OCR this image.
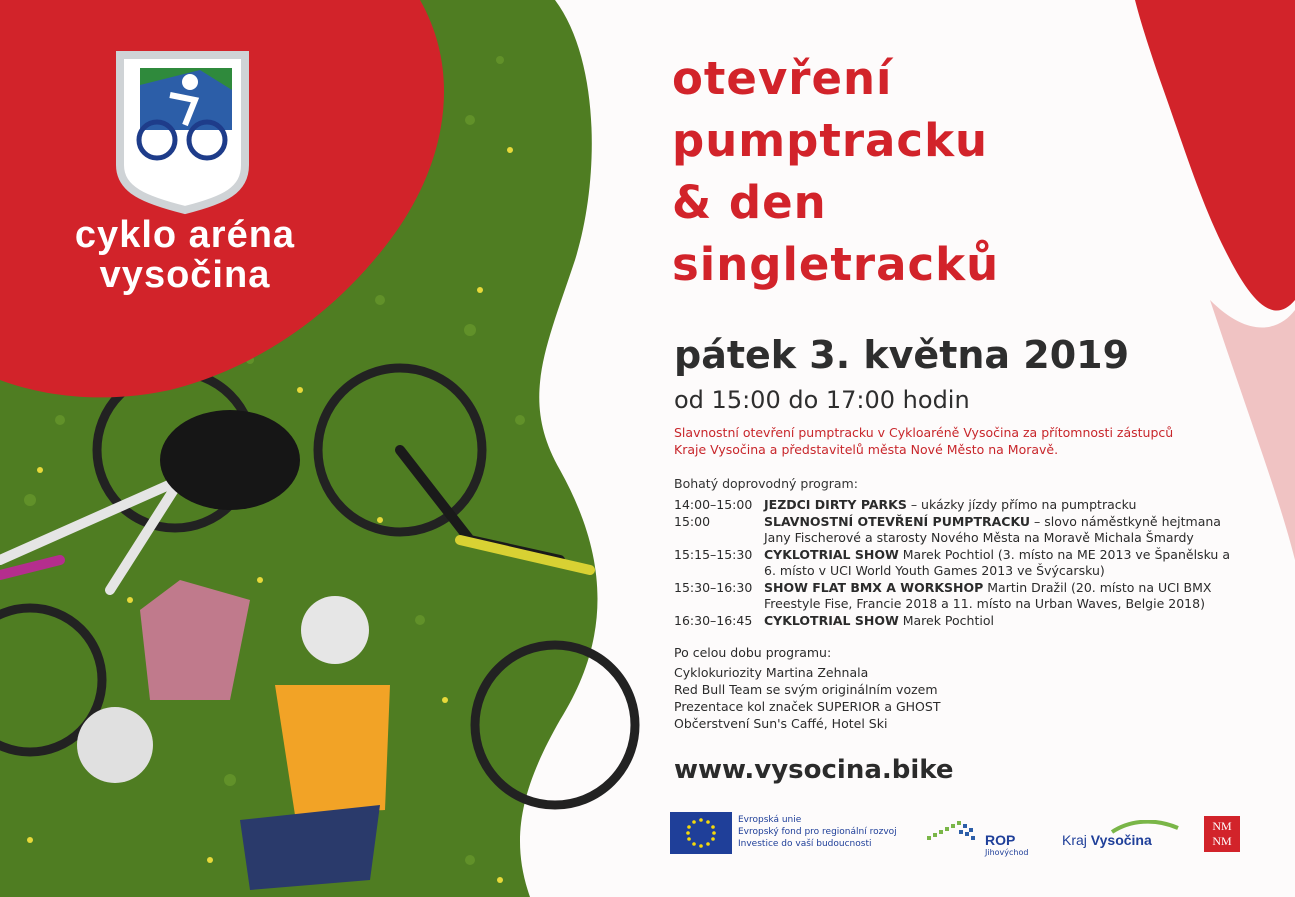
cyklo aréna
vysočina
otevření
pumptracku
& den
singletracků
pátek 3. května 2019
od 15:00 do 17:00 hodin
Slavnostní otevření pumptracku v Cykloaréně Vysočina za přítomnosti zástupců Kraje Vysočina a představitelů města Nové Město na Moravě.
Bohatý doprovodný program:
14:00–15:00 JEZDCI DIRTY PARKS – ukázky jízdy přímo na pumptracku
15:00	SLAVNOSTNÍ OTEVŘENÍ PUMPTRACKU – slovo náměstkyně hejtmana Jany Fischerové a starosty Nového Města na Moravě Michala Šmardy
15:15–15:30 CYKLOTRIAL SHOW Marek Pochtiol (3. místo na ME 2013 ve Španělsku a 6. místo v UCI World Youth Games 2013 ve Švýcarsku)
15:30–16:30 SHOW FLAT BMX A WORKSHOP Martin Dražil (20. místo na UCI BMX Freestyle Fise, Francie 2018 a 11. místo na Urban Waves, Belgie 2018)
16:30–16:45 CYKLOTRIAL SHOW Marek Pochtiol
Po celou dobu programu:
Cyklokuriozity Martina Zehnala
Red Bull Team se svým originálním vozem
Prezentace kol značek SUPERIOR a GHOST
Občerstvení Sun's Caffé, Hotel Ski
www.vysocina.bike
Evropská unie
Evropský fond pro regionální rozvoj
Investice do vaší budoucnosti	ROP
Jihovýchod
Kraj Vysočina
NM
NM
